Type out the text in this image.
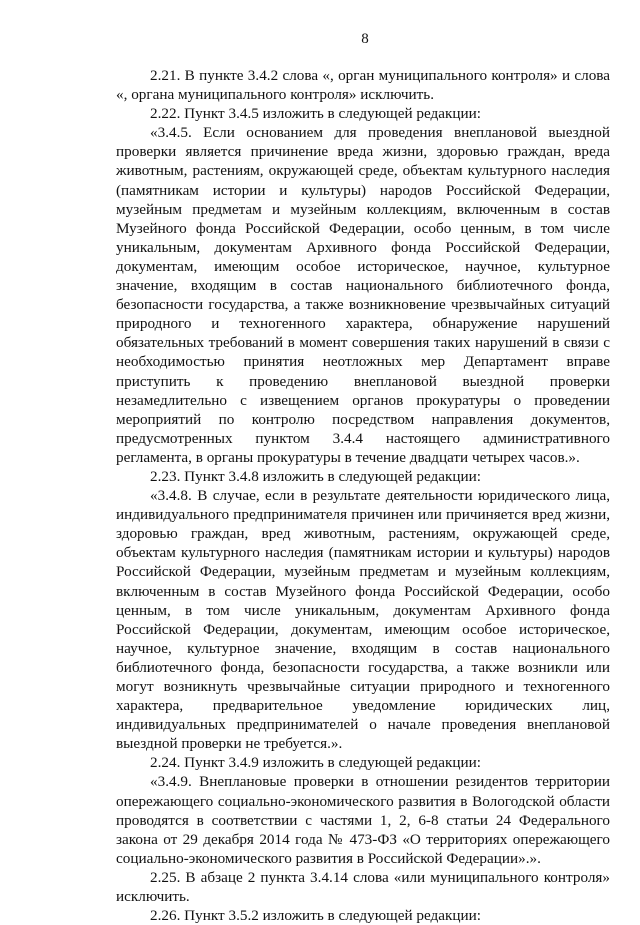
8

2.21. В пункте 3.4.2 слова «, орган муниципального контроля» и слова «, органа муниципального контроля» исключить.

2.22. Пункт 3.4.5 изложить в следующей редакции:

«3.4.5. Если основанием для проведения внеплановой выездной проверки является причинение вреда жизни, здоровью граждан, вреда животным, растениям, окружающей среде, объектам культурного наследия (памятникам истории и культуры) народов Российской Федерации, музейным предметам и музейным коллекциям, включенным в состав Музейного фонда Российской Федерации, особо ценным, в том числе уникальным, документам Архивного фонда Российской Федерации, документам, имеющим особое историческое, научное, культурное значение, входящим в состав национального библиотечного фонда, безопасности государства, а также возникновение чрезвычайных ситуаций природного и техногенного характера, обнаружение нарушений обязательных требований в момент совершения таких нарушений в связи с необходимостью принятия неотложных мер Департамент вправе приступить к проведению внеплановой выездной проверки незамедлительно с извещением органов прокуратуры о проведении мероприятий по контролю посредством направления документов, предусмотренных пунктом 3.4.4 настоящего административного регламента, в органы прокуратуры в течение двадцати четырех часов.».

2.23. Пункт 3.4.8 изложить в следующей редакции:

«3.4.8. В случае, если в результате деятельности юридического лица, индивидуального предпринимателя причинен или причиняется вред жизни, здоровью граждан, вред животным, растениям, окружающей среде, объектам культурного наследия (памятникам истории и культуры) народов Российской Федерации, музейным предметам и музейным коллекциям, включенным в состав Музейного фонда Российской Федерации, особо ценным, в том числе уникальным, документам Архивного фонда Российской Федерации, документам, имеющим особое историческое, научное, культурное значение, входящим в состав национального библиотечного фонда, безопасности государства, а также возникли или могут возникнуть чрезвычайные ситуации природного и техногенного характера, предварительное уведомление юридических лиц, индивидуальных предпринимателей о начале проведения внеплановой выездной проверки не требуется.».

2.24. Пункт 3.4.9 изложить в следующей редакции:

«3.4.9. Внеплановые проверки в отношении резидентов территории опережающего социально-экономического развития в Вологодской области проводятся в соответствии с частями 1, 2, 6-8 статьи 24 Федерального закона от 29 декабря 2014 года № 473-ФЗ «О территориях опережающего социально-экономического развития в Российской Федерации».».

2.25. В абзаце 2 пункта 3.4.14 слова «или муниципального контроля» исключить.

2.26. Пункт 3.5.2 изложить в следующей редакции:
